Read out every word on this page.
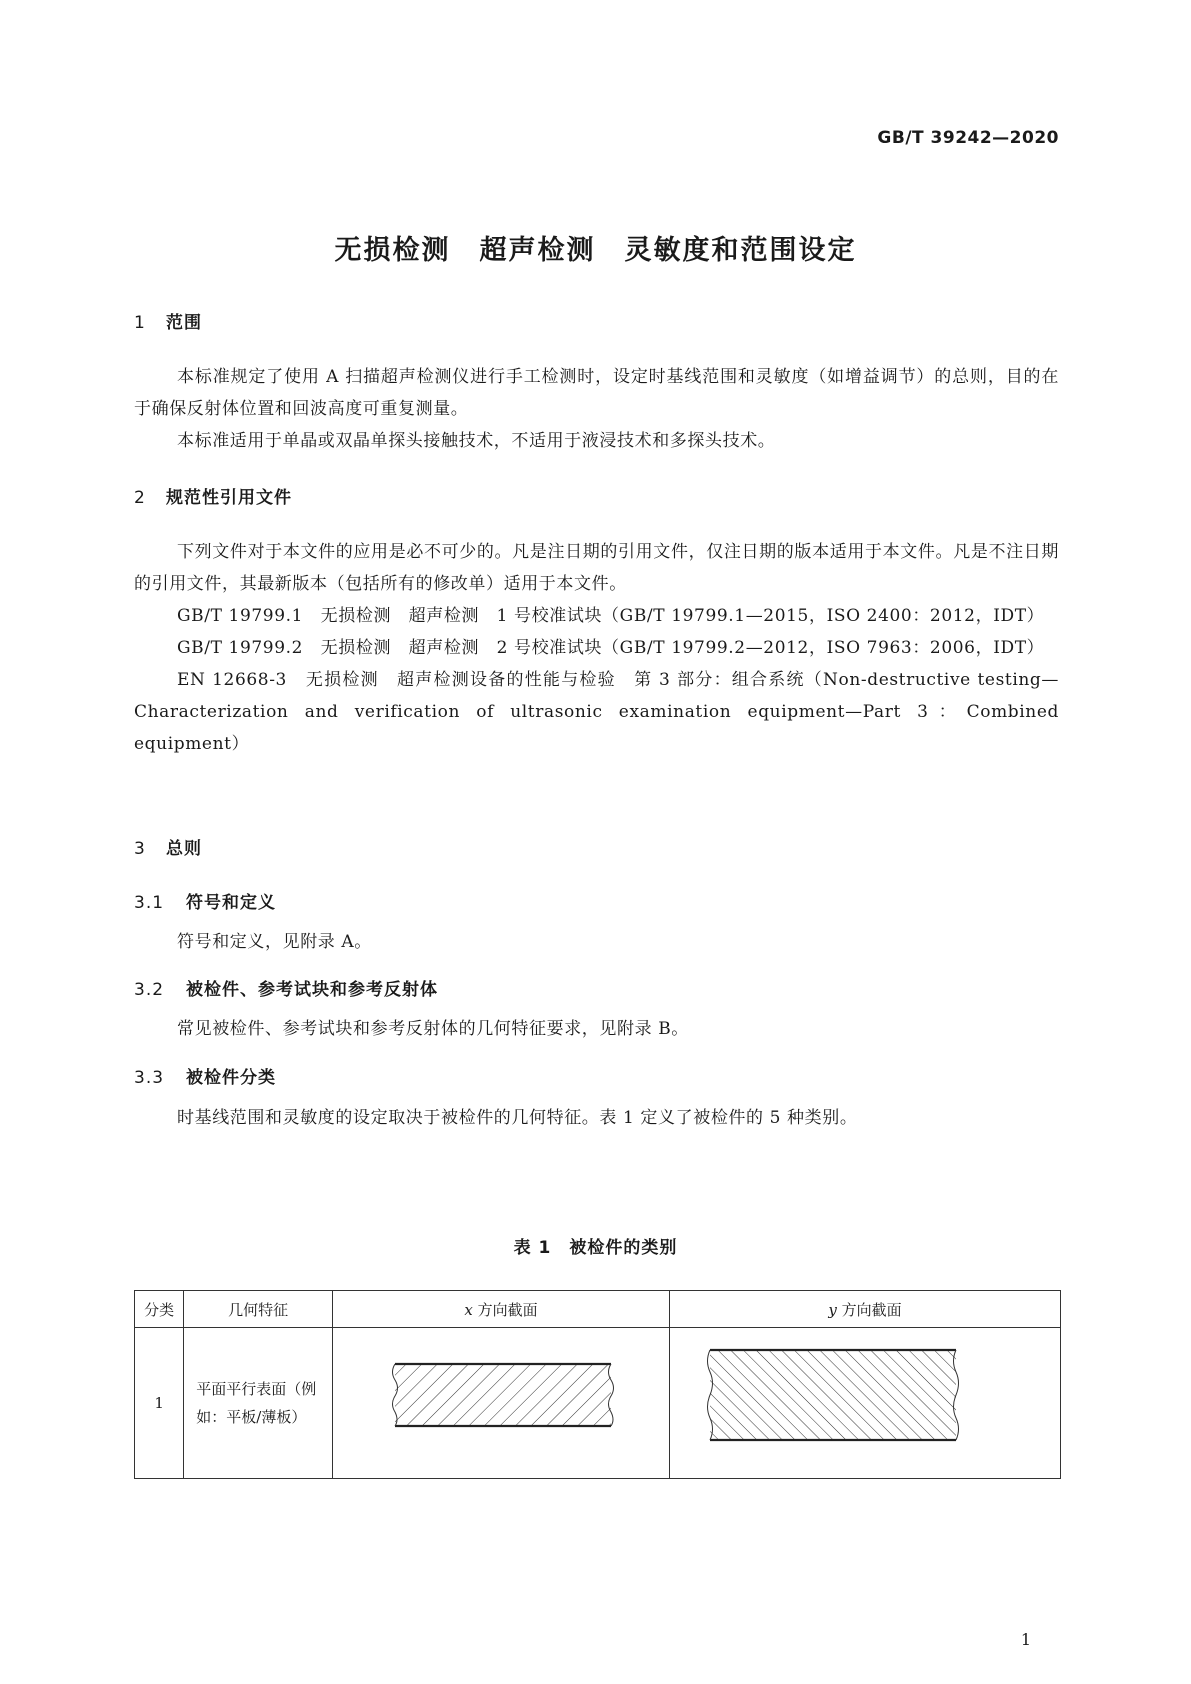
GB/T 39242—2020
无损检测　超声检测　灵敏度和范围设定
1 范围

本标准规定了使用 A 扫描超声检测仪进行手工检测时，设定时基线范围和灵敏度（如增益调节）的总则，目的在于确保反射体位置和回波高度可重复测量。

本标准适用于单晶或双晶单探头接触技术，不适用于液浸技术和多探头技术。

2 规范性引用文件

下列文件对于本文件的应用是必不可少的。凡是注日期的引用文件，仅注日期的版本适用于本文件。凡是不注日期的引用文件，其最新版本（包括所有的修改单）适用于本文件。

GB/T 19799.1　无损检测　超声检测　1 号校准试块（GB/T 19799.1—2015，ISO 2400：2012，IDT）

GB/T 19799.2　无损检测　超声检测　2 号校准试块（GB/T 19799.2—2012，ISO 7963：2006，IDT）

EN 12668-3　无损检测　超声检测设备的性能与检验　第 3 部分：组合系统（Non-destructive testing—Characterization and verification of ultrasonic examination equipment—Part 3：Combined equipment）

3 总则
3.1 符号和定义

符号和定义，见附录 A。

3.2 被检件、参考试块和参考反射体

常见被检件、参考试块和参考反射体的几何特征要求，见附录 B。

3.3 被检件分类

时基线范围和灵敏度的设定取决于被检件的几何特征。表 1 定义了被检件的 5 种类别。

表 1　被检件的类别
分类	几何特征	x 方向截面	y 方向截面
1	平面平行表面（例
如：平板/薄板）

1
